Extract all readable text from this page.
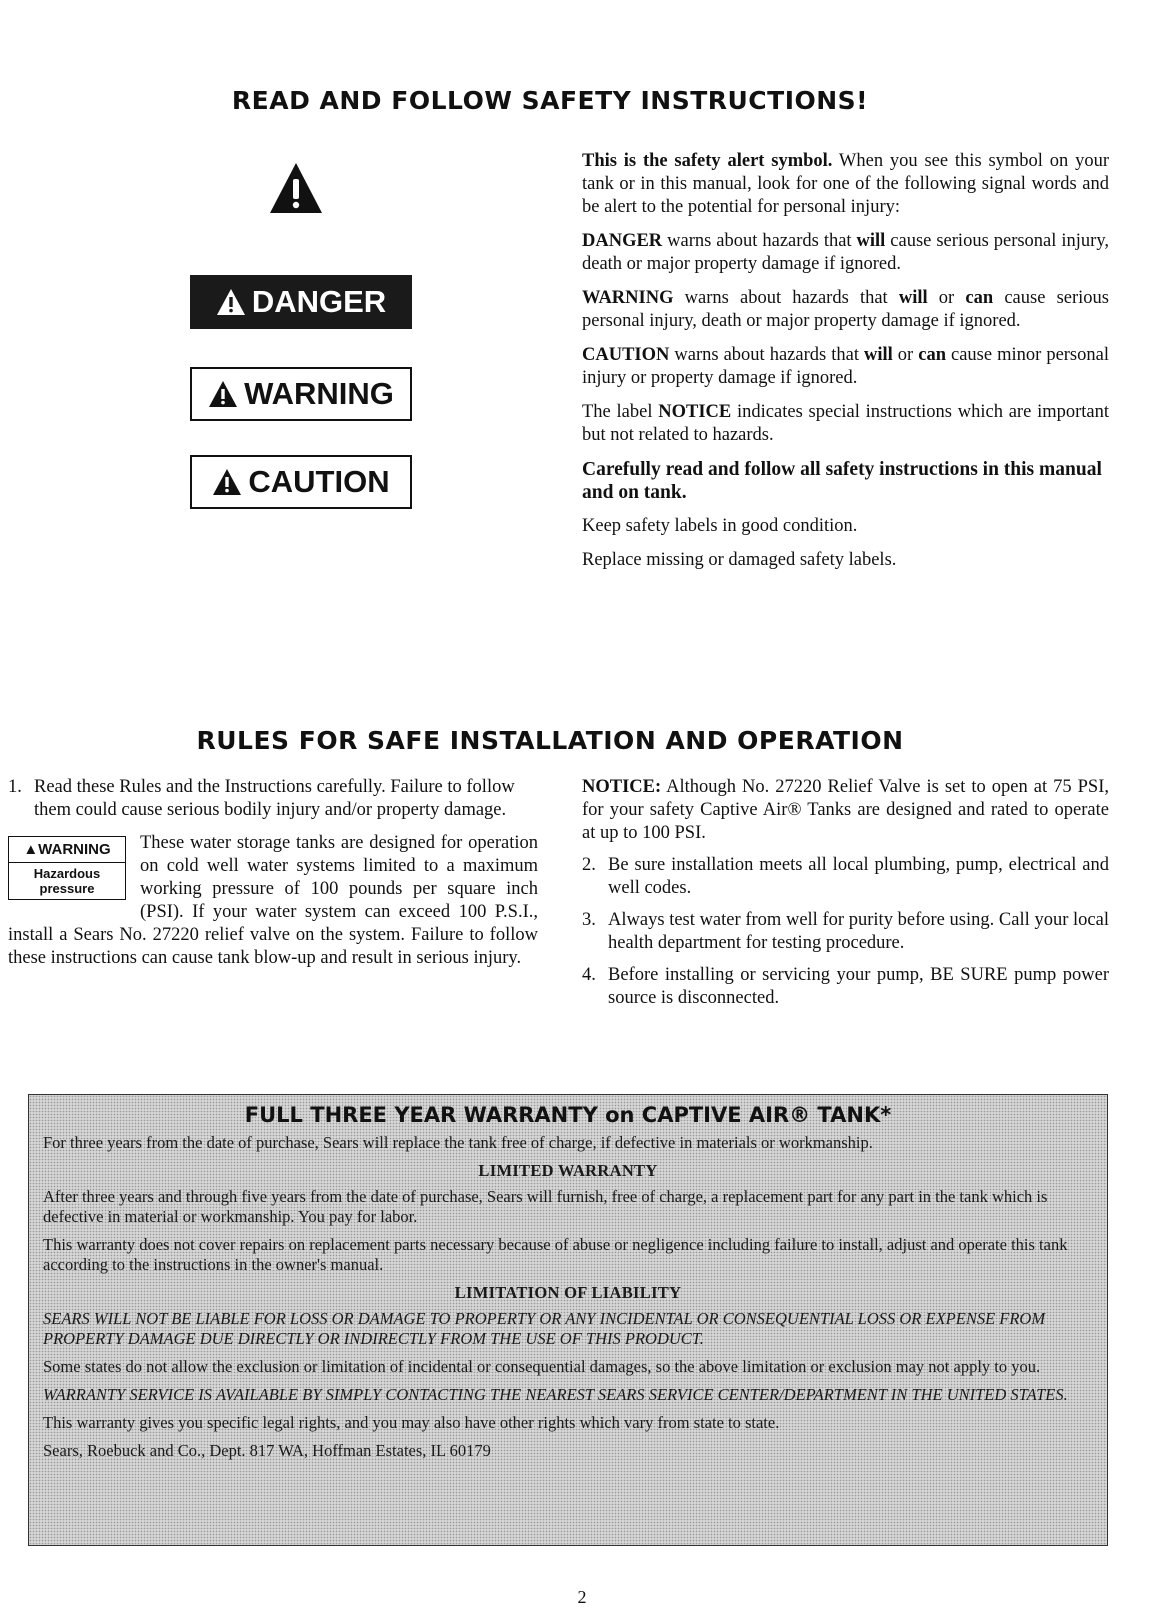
READ AND FOLLOW SAFETY INSTRUCTIONS!
DANGER
WARNING
CAUTION

This is the safety alert symbol. When you see this symbol on your tank or in this manual, look for one of the following signal words and be alert to the potential for personal injury:

DANGER warns about hazards that will cause serious personal injury, death or major property damage if ignored.

WARNING warns about hazards that will or can cause serious personal injury, death or major property damage if ignored.

CAUTION warns about hazards that will or can cause minor personal injury or property damage if ignored.

The label NOTICE indicates special instructions which are important but not related to hazards.

Carefully read and follow all safety instructions in this manual and on tank.

Keep safety labels in good condition.

Replace missing or damaged safety labels.

RULES FOR SAFE INSTALLATION AND OPERATION
1. Read these Rules and the Instructions carefully. Failure to follow them could cause serious bodily injury and/or property damage.
▲WARNING
Hazardous pressure

These water storage tanks are designed for operation on cold well water systems limited to a maximum working pressure of 100 pounds per square inch (PSI). If your water system can exceed 100 P.S.I., install a Sears No. 27220 relief valve on the system. Failure to follow these instructions can cause tank blow-up and result in serious injury.

NOTICE: Although No. 27220 Relief Valve is set to open at 75 PSI, for your safety Captive Air® Tanks are designed and rated to operate at up to 100 PSI.

2. Be sure installation meets all local plumbing, pump, electrical and well codes.
3. Always test water from well for purity before using. Call your local health department for testing procedure.
4. Before installing or servicing your pump, BE SURE pump power source is disconnected.
FULL THREE YEAR WARRANTY on CAPTIVE AIR® TANK*

For three years from the date of purchase, Sears will replace the tank free of charge, if defective in materials or workmanship.

LIMITED WARRANTY

After three years and through five years from the date of purchase, Sears will furnish, free of charge, a replacement part for any part in the tank which is defective in material or workmanship. You pay for labor.

This warranty does not cover repairs on replacement parts necessary because of abuse or negligence including failure to install, adjust and operate this tank according to the instructions in the owner's manual.

LIMITATION OF LIABILITY

SEARS WILL NOT BE LIABLE FOR LOSS OR DAMAGE TO PROPERTY OR ANY INCIDENTAL OR CONSEQUENTIAL LOSS OR EXPENSE FROM PROPERTY DAMAGE DUE DIRECTLY OR INDIRECTLY FROM THE USE OF THIS PRODUCT.

Some states do not allow the exclusion or limitation of incidental or consequential damages, so the above limitation or exclusion may not apply to you.

WARRANTY SERVICE IS AVAILABLE BY SIMPLY CONTACTING THE NEAREST SEARS SERVICE CENTER/DEPARTMENT IN THE UNITED STATES.

This warranty gives you specific legal rights, and you may also have other rights which vary from state to state.

Sears, Roebuck and Co., Dept. 817 WA, Hoffman Estates, IL 60179

2
